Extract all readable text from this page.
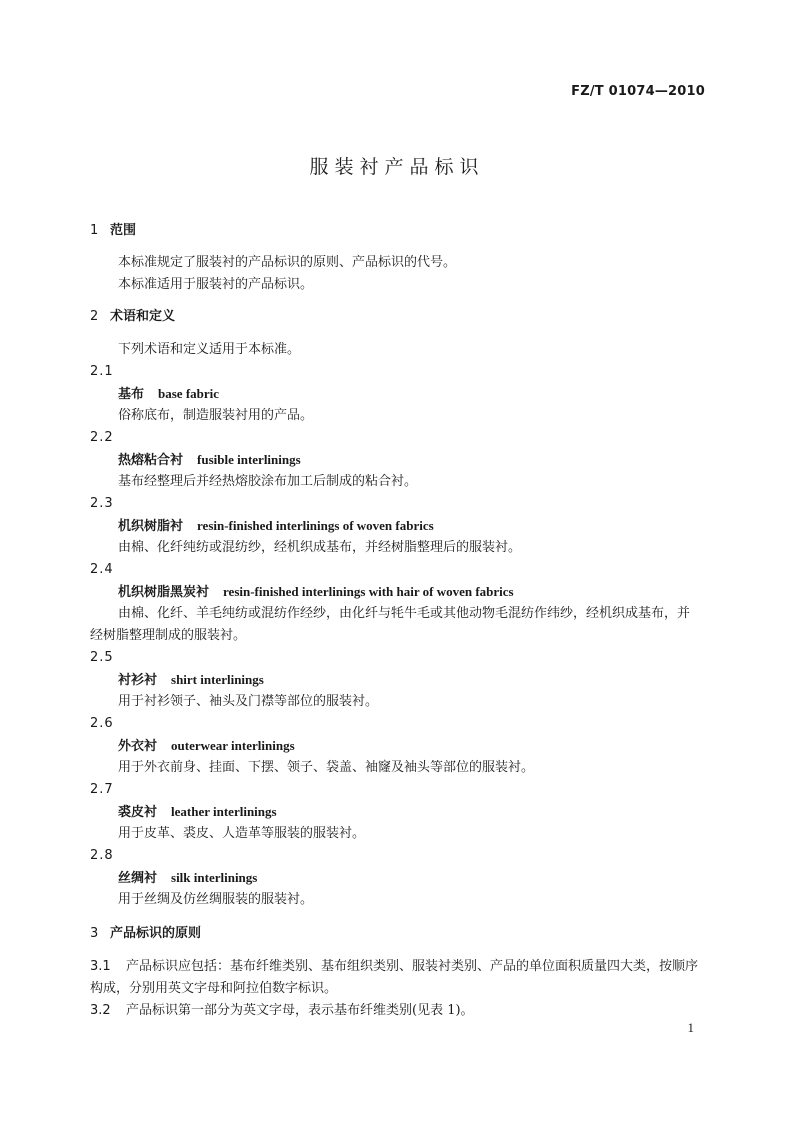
FZ/T 01074—2010
服装衬产品标识
1 范围
本标准规定了服装衬的产品标识的原则、产品标识的代号。
本标准适用于服装衬的产品标识。
2 术语和定义
下列术语和定义适用于本标准。
2.1
基布 base fabric
俗称底布，制造服装衬用的产品。
2.2
热熔粘合衬 fusible interlinings
基布经整理后并经热熔胶涂布加工后制成的粘合衬。
2.3
机织树脂衬 resin-finished interlinings of woven fabrics
由棉、化纤纯纺或混纺纱，经机织成基布，并经树脂整理后的服装衬。
2.4
机织树脂黑炭衬 resin-finished interlinings with hair of woven fabrics
由棉、化纤、羊毛纯纺或混纺作经纱，由化纤与牦牛毛或其他动物毛混纺作纬纱，经机织成基布，并
经树脂整理制成的服装衬。
2.5
衬衫衬 shirt interlinings
用于衬衫领子、袖头及门襟等部位的服装衬。
2.6
外衣衬 outerwear interlinings
用于外衣前身、挂面、下摆、领子、袋盖、袖窿及袖头等部位的服装衬。
2.7
裘皮衬 leather interlinings
用于皮革、裘皮、人造革等服装的服装衬。
2.8
丝绸衬 silk interlinings
用于丝绸及仿丝绸服装的服装衬。
3 产品标识的原则
3.1 产品标识应包括：基布纤维类别、基布组织类别、服装衬类别、产品的单位面积质量四大类，按顺序
构成，分别用英文字母和阿拉伯数字标识。
3.2 产品标识第一部分为英文字母，表示基布纤维类别(见表 1)。
1
